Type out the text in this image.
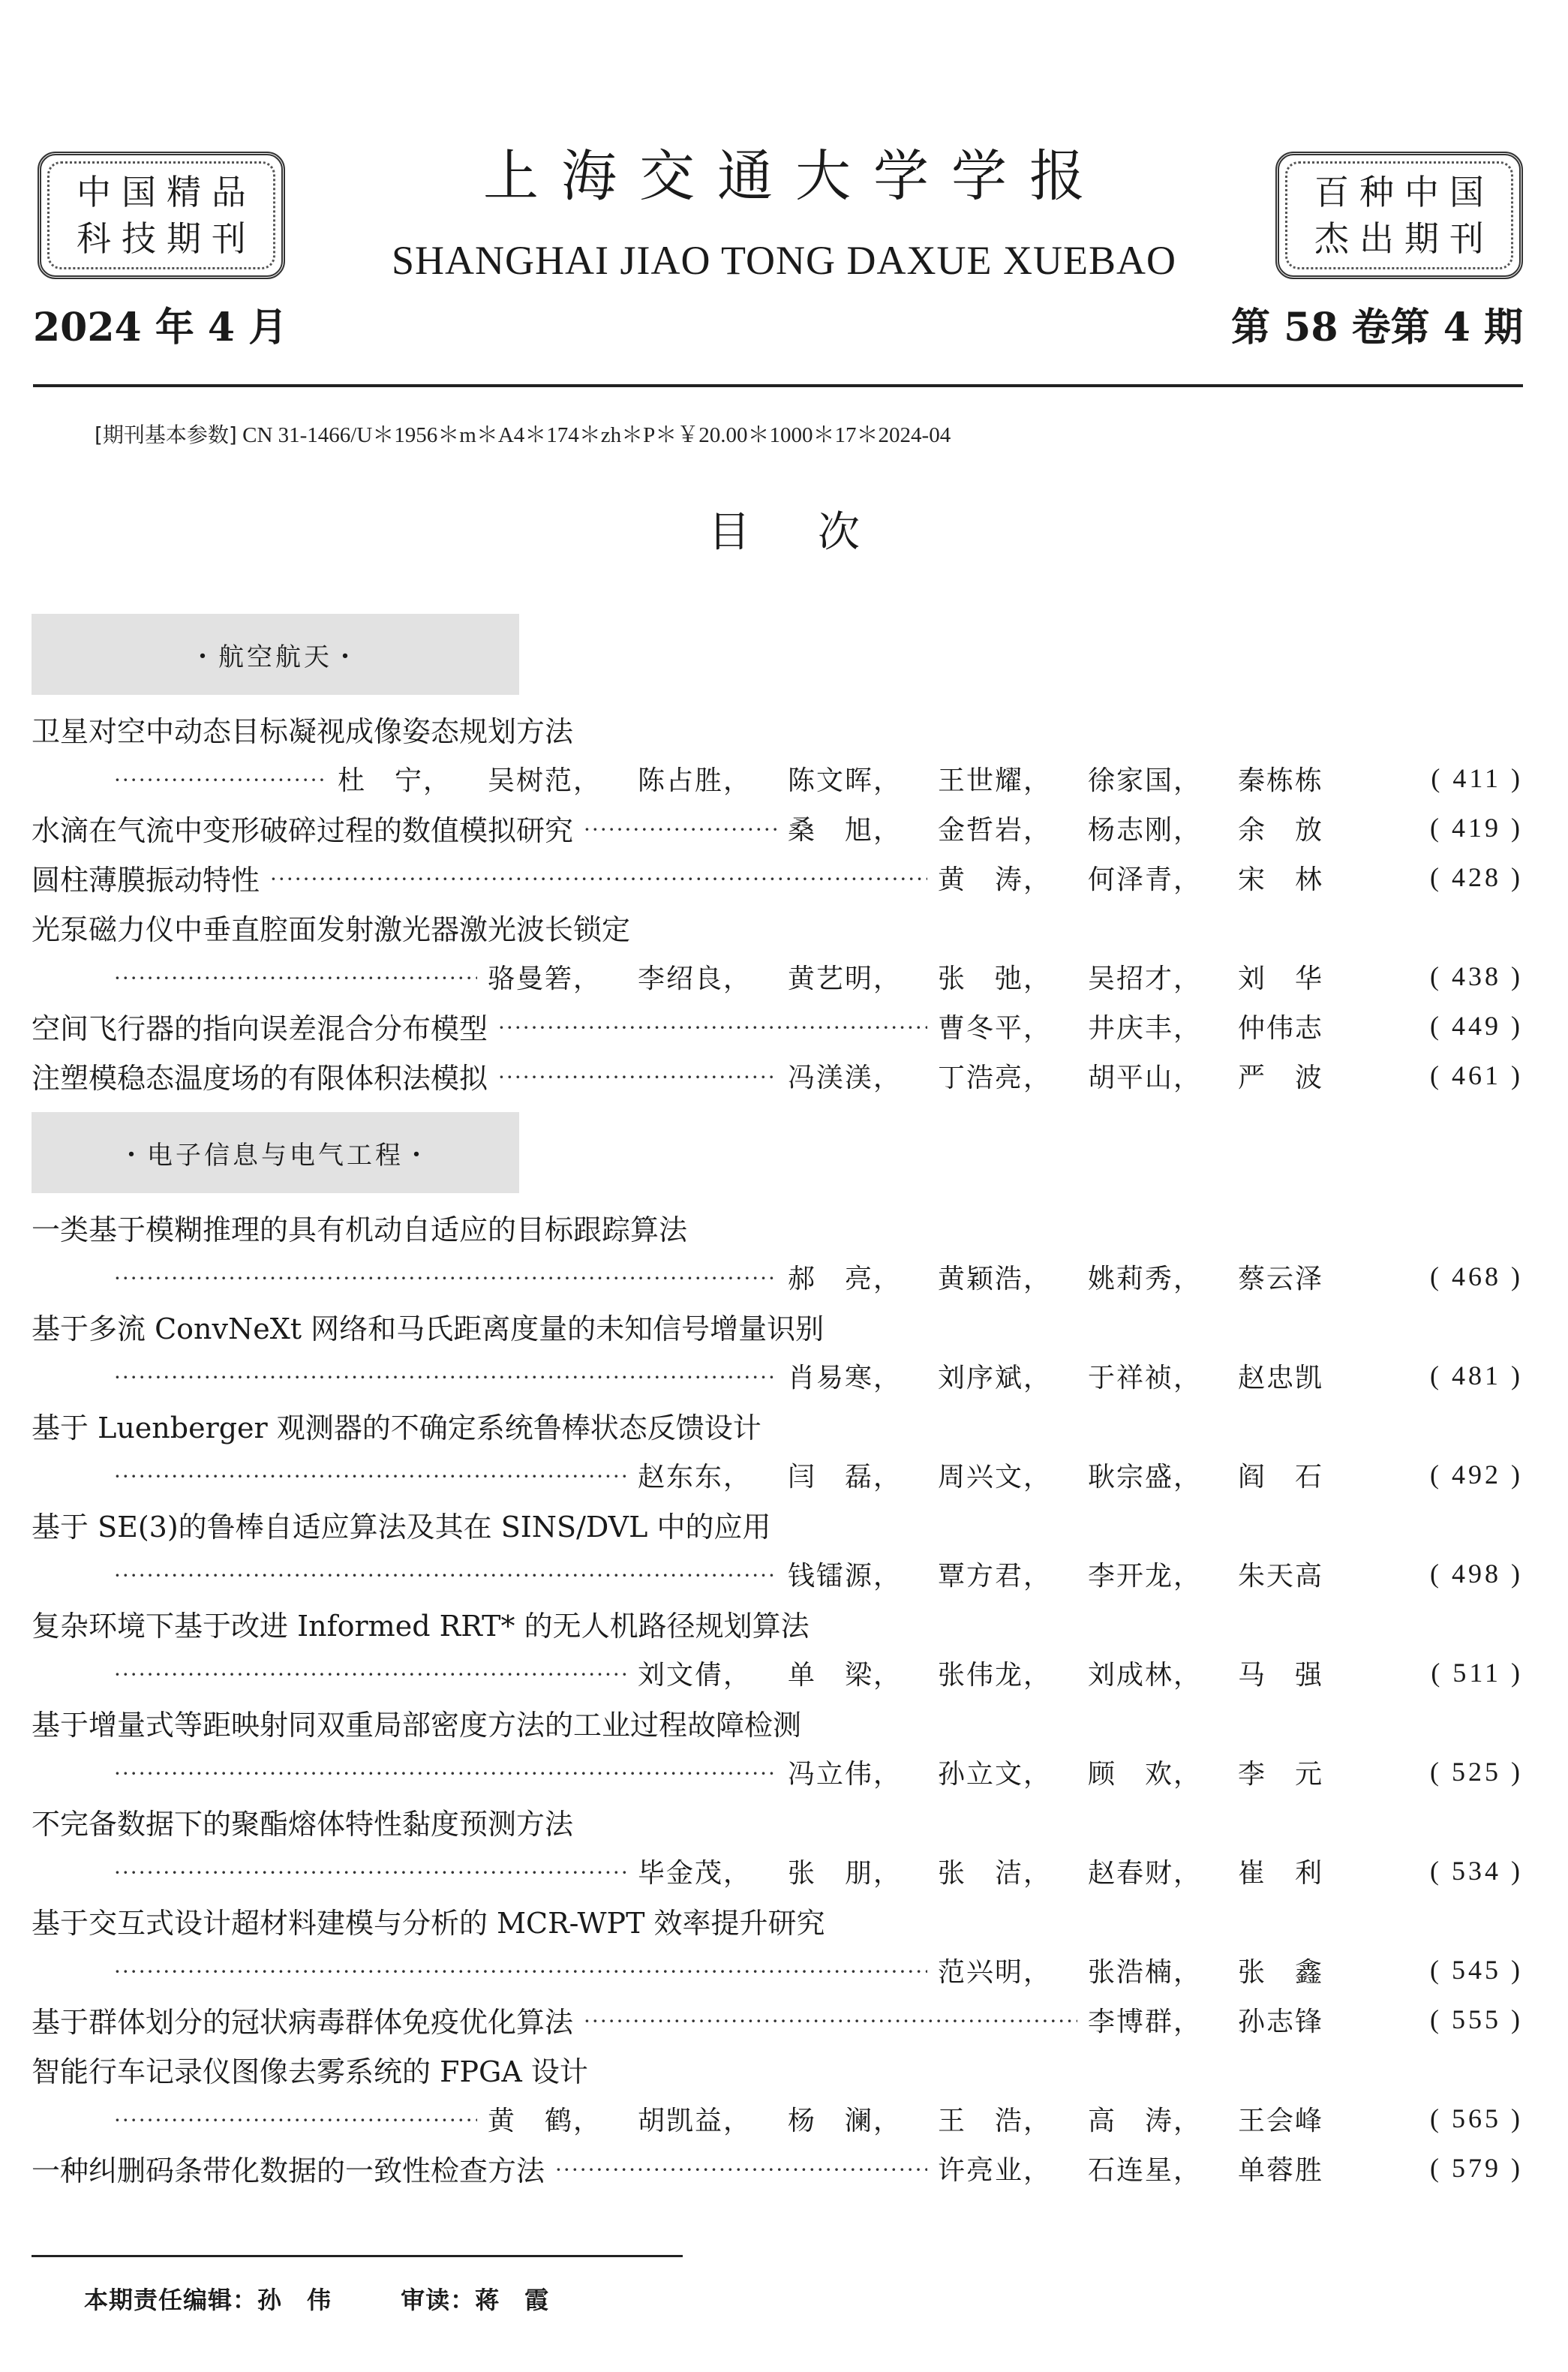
中国精品
科技期刊
百种中国
杰出期刊
上海交通大学学报
SHANGHAI JIAO TONG DAXUE XUEBAO
2024 年 4 月	第 58 卷第 4 期
[期刊基本参数] CN 31-1466/U＊1956＊m＊A4＊174＊zh＊P＊￥20.00＊1000＊17＊2024-04
目次
・航空航天・
卫星对空中动态目标凝视成像姿态规划方法
·····
杜　宁，	吴树范，	陈占胜，	陈文晖，	王世耀，	徐家国，	秦栋栋	( 411 )
水滴在气流中变形破碎过程的数值模拟研究 ·····	桑　旭，	金哲岩，	杨志刚，	余　放	( 419 )
圆柱薄膜振动特性 ·····	黄　涛，	何泽青，	宋　林	( 428 )
光泵磁力仪中垂直腔面发射激光器激光波长锁定
·····
骆曼箬，	李绍良，	黄艺明，	张　弛，	吴招才，	刘　华	( 438 )
空间飞行器的指向误差混合分布模型 ·····	曹冬平，	井庆丰，	仲伟志	( 449 )
注塑模稳态温度场的有限体积法模拟 ·····	冯渼渼，	丁浩亮，	胡平山，	严　波	( 461 )
・电子信息与电气工程・
一类基于模糊推理的具有机动自适应的目标跟踪算法
·····
郝　亮，	黄颖浩，	姚莉秀，	蔡云泽	( 468 )
基于多流 ConvNeXt 网络和马氏距离度量的未知信号增量识别
·····
肖易寒，	刘序斌，	于祥祯，	赵忠凯	( 481 )
基于 Luenberger 观测器的不确定系统鲁棒状态反馈设计
·····
赵东东，	闫　磊，	周兴文，	耿宗盛，	阎　石	( 492 )
基于 SE(3)的鲁棒自适应算法及其在 SINS/DVL 中的应用
·····
钱镭源，	覃方君，	李开龙，	朱天高	( 498 )
复杂环境下基于改进 Informed RRT* 的无人机路径规划算法
·····
刘文倩，	单　梁，	张伟龙，	刘成林，	马　强	( 511 )
基于增量式等距映射同双重局部密度方法的工业过程故障检测
·····
冯立伟，	孙立文，	顾　欢，	李　元	( 525 )
不完备数据下的聚酯熔体特性黏度预测方法
·····
毕金茂，	张　朋，	张　洁，	赵春财，	崔　利	( 534 )
基于交互式设计超材料建模与分析的 MCR-WPT 效率提升研究
·····
范兴明，	张浩楠，	张　鑫	( 545 )
基于群体划分的冠状病毒群体免疫优化算法 ·····	李博群，	孙志锋	( 555 )
智能行车记录仪图像去雾系统的 FPGA 设计
·····
黄　鹤，	胡凯益，	杨　澜，	王　浩，	高　涛，	王会峰	( 565 )
一种纠删码条带化数据的一致性检查方法 ·····	许亮业，	石连星，	单蓉胜	( 579 )
本期责任编辑：孙　伟	审读：蒋　霞
